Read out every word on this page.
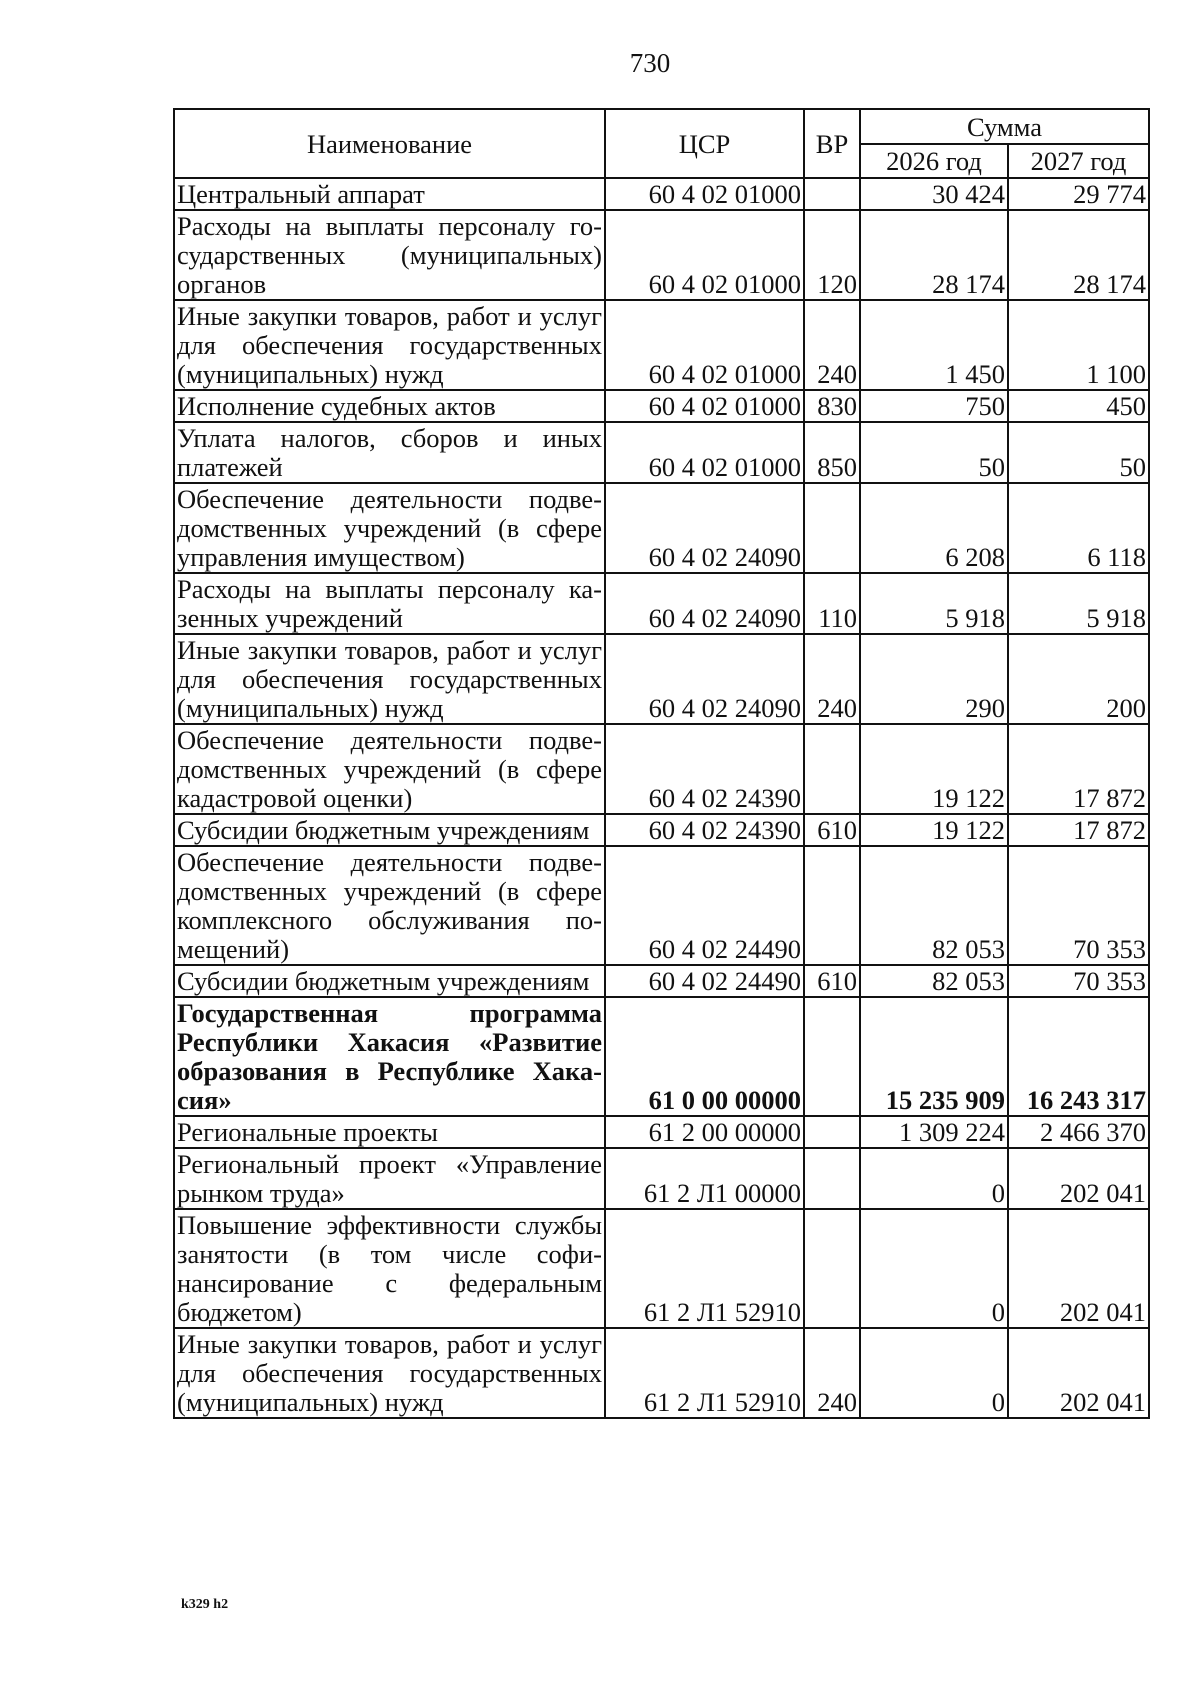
730
Наименование	ЦСР	ВР	Сумма	
			2026 год	2027 год
Центральный аппарат	60 4 02 01000		30 424	29 774
Расходы на выплаты персоналу государственных (муниципальных) органов	60 4 02 01000	120	28 174	28 174
Иные закупки товаров, работ и услуг для обеспечения государственных (муниципальных) нужд	60 4 02 01000	240	1 450	1 100
Исполнение судебных актов	60 4 02 01000	830	750	450
Уплата налогов, сборов и иных платежей	60 4 02 01000	850	50	50
Обеспечение деятельности подведомственных учреждений (в сфере управления имуществом)	60 4 02 24090		6 208	6 118
Расходы на выплаты персоналу казенных учреждений	60 4 02 24090	110	5 918	5 918
Иные закупки товаров, работ и услуг для обеспечения государственных (муниципальных) нужд	60 4 02 24090	240	290	200
Обеспечение деятельности подведомственных учреждений (в сфере кадастровой оценки)	60 4 02 24390		19 122	17 872
Субсидии бюджетным учреждениям	60 4 02 24390	610	19 122	17 872
Обеспечение деятельности подведомственных учреждений (в сфере комплексного обслуживания помещений)	60 4 02 24490		82 053	70 353
Субсидии бюджетным учреждениям	60 4 02 24490	610	82 053	70 353
Государственная программа Республики Хакасия «Развитие образования в Республике Хакасия»	61 0 00 00000		15 235 909	16 243 317
Региональные проекты	61 2 00 00000		1 309 224	2 466 370
Региональный проект «Управление рынком труда»	61 2 Л1 00000		0	202 041
Повышение эффективности службы занятости (в том числе софинансирование с федеральным бюджетом)	61 2 Л1 52910		0	202 041
Иные закупки товаров, работ и услуг для обеспечения государственных (муниципальных) нужд	61 2 Л1 52910	240	0	202 041
k329 h2
